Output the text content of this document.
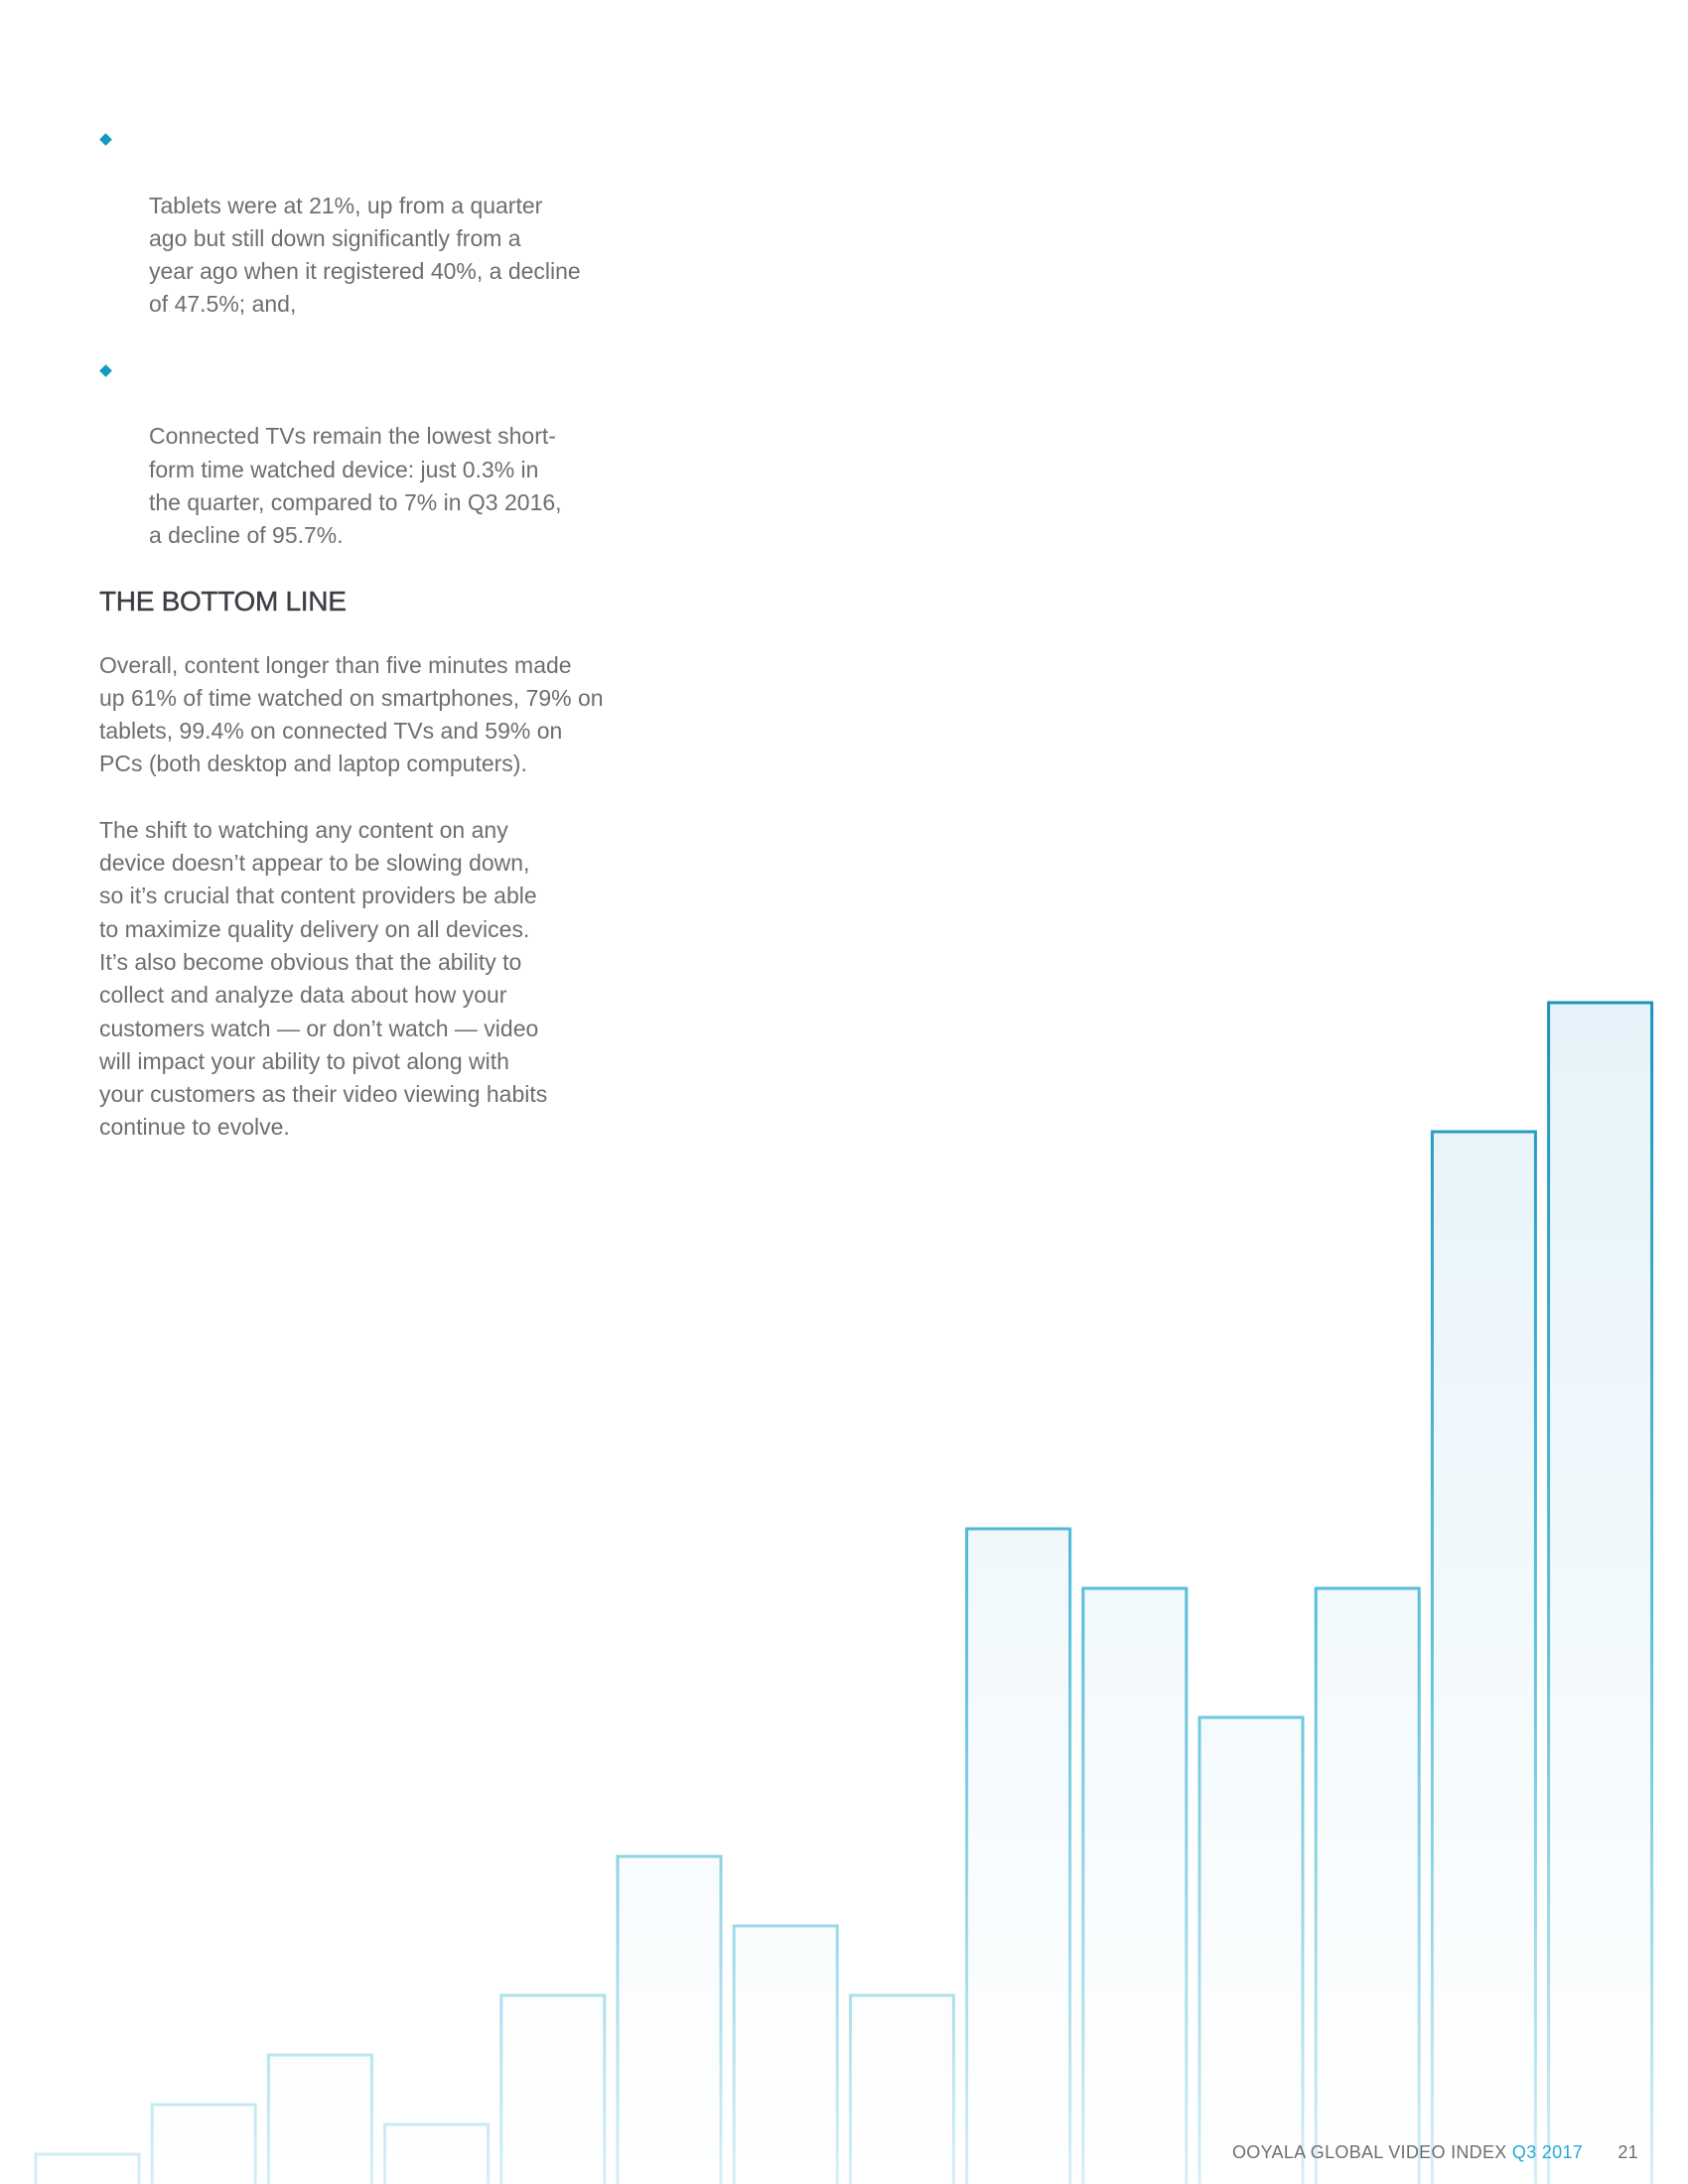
Tablets were at 21%, up from a quarter
ago but still down significantly from a
year ago when it registered 40%, a decline
of 47.5%; and,

Connected TVs remain the lowest short-
form time watched device: just 0.3% in
the quarter, compared to 7% in Q3 2016,
a decline of 95.7%.

THE BOTTOM LINE

Overall, content longer than five minutes made
up 61% of time watched on smartphones, 79% on
tablets, 99.4% on connected TVs and 59% on
PCs (both desktop and laptop computers).

The shift to watching any content on any
device doesn’t appear to be slowing down,
so it’s crucial that content providers be able
to maximize quality delivery on all devices.
It’s also become obvious that the ability to
collect and analyze data about how your
customers watch — or don’t watch — video
will impact your ability to pivot along with
your customers as their video viewing habits
continue to evolve.

OOYALA GLOBAL VIDEO INDEX Q3 2017 21
